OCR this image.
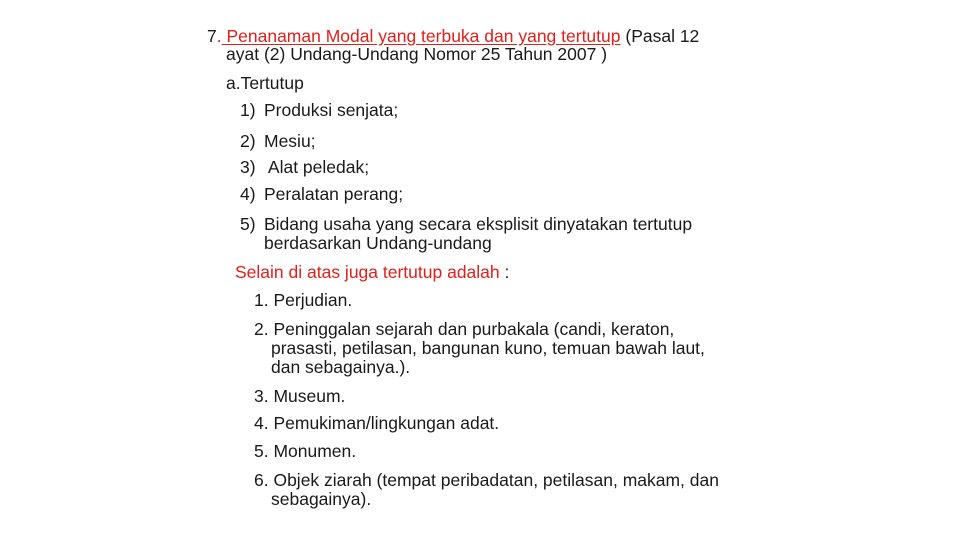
7. Penanaman Modal yang terbuka dan yang tertutup (Pasal 12
ayat (2) Undang-Undang Nomor 25 Tahun 2007 )
a.Tertutup
1) Produksi senjata;
2) Mesiu;
3) Alat peledak;
4) Peralatan perang;
5) Bidang usaha yang secara eksplisit dinyatakan tertutup
berdasarkan Undang-undang
Selain di atas juga tertutup adalah :
1. Perjudian.
2. Peninggalan sejarah dan purbakala (candi, keraton,
prasasti, petilasan, bangunan kuno, temuan bawah laut,
dan sebagainya.).
3. Museum.
4. Pemukiman/lingkungan adat.
5. Monumen.
6. Objek ziarah (tempat peribadatan, petilasan, makam, dan
sebagainya).
